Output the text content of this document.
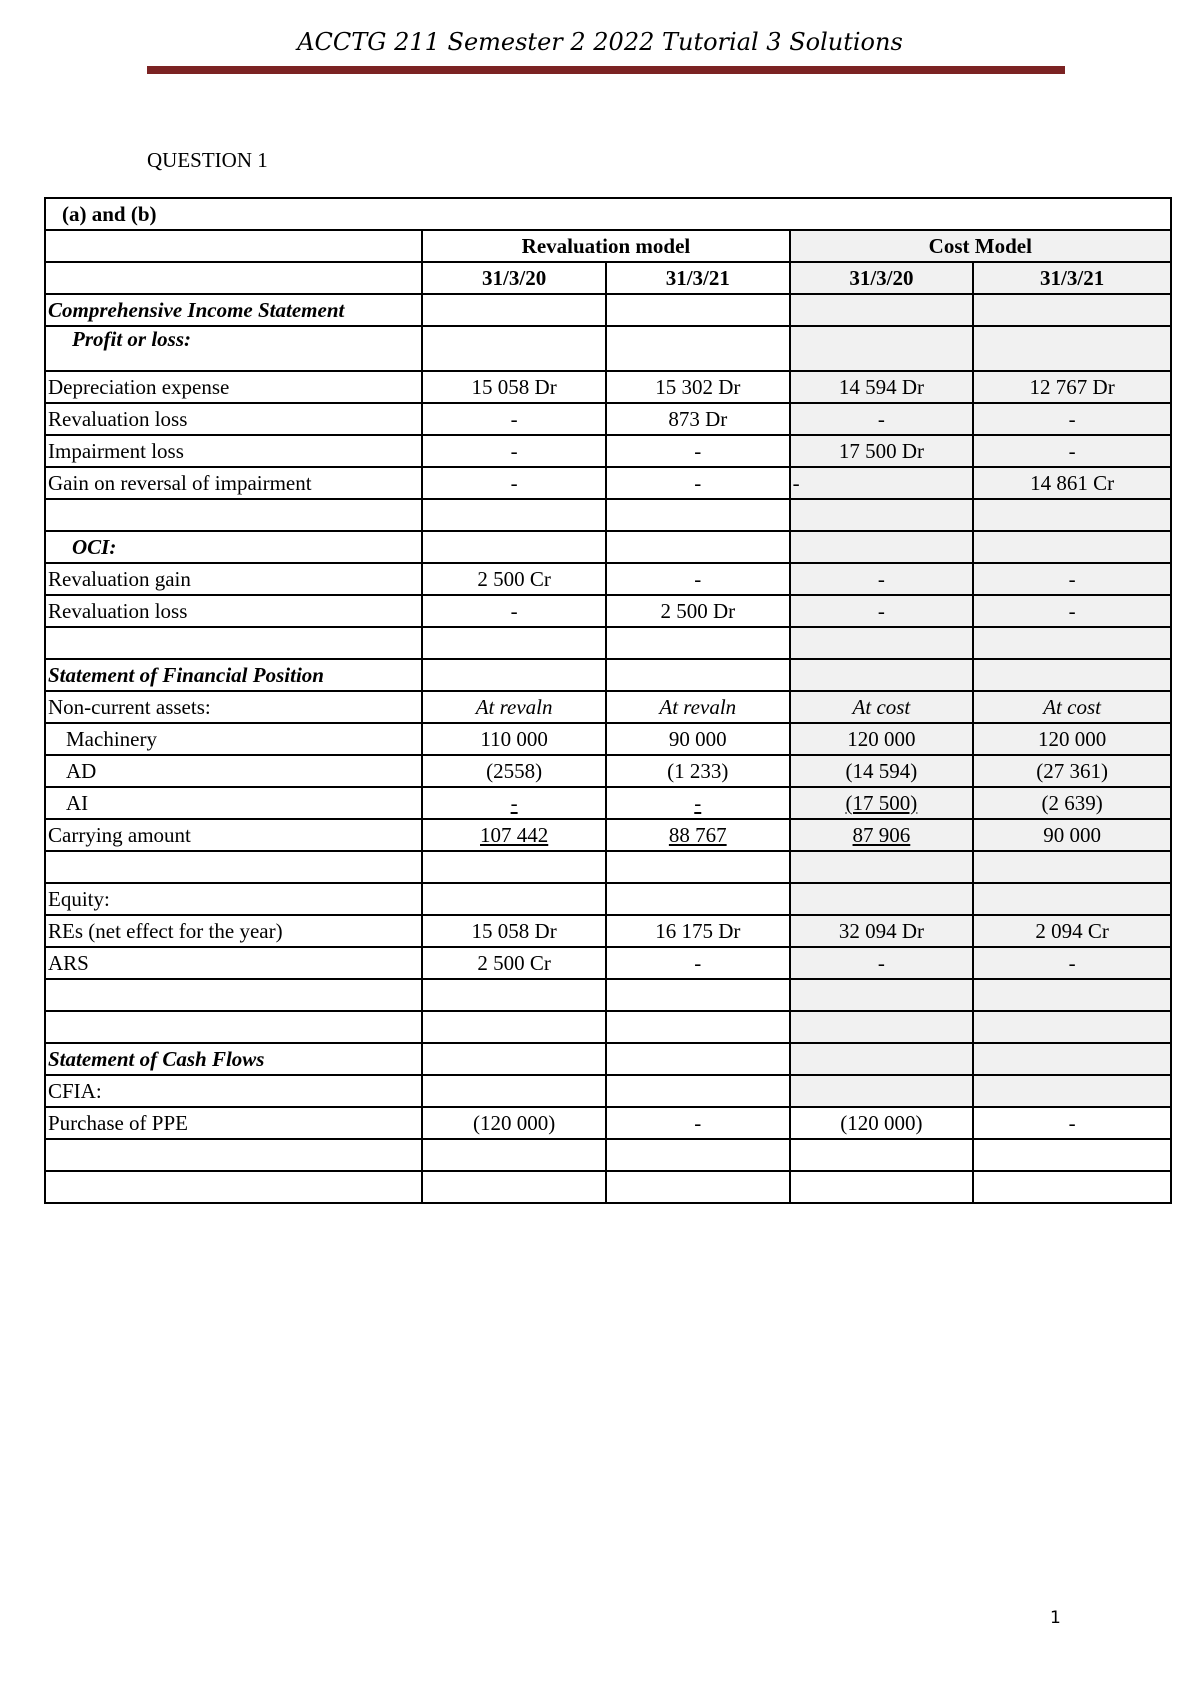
ACCTG 211 Semester 2 2022 Tutorial 3 Solutions
QUESTION 1
(a) and (b)				
	Revaluation model		Cost Model	
	31/3/20	31/3/21	31/3/20	31/3/21
Comprehensive Income Statement				
Profit or loss:				
Depreciation expense	15 058 Dr	15 302 Dr	14 594 Dr	12 767 Dr
Revaluation loss	-	873 Dr	-	-
Impairment loss	-	-	17 500 Dr	-
Gain on reversal of impairment	-	-	-	14 861 Cr

OCI:				
Revaluation gain	2 500 Cr	-	-	-
Revaluation loss	-	2 500 Dr	-	-

Statement of Financial Position				
Non-current assets:	At revaln	At revaln	At cost	At cost
Machinery	110 000	90 000	120 000	120 000
AD	(2558)	(1 233)	(14 594)	(27 361)
AI	-	-	(17 500)	(2 639)
Carrying amount	107 442	88 767	87 906	90 000

Equity:				
REs (net effect for the year)	15 058 Dr	16 175 Dr	32 094 Dr	2 094 Cr
ARS	2 500 Cr	-	-	-

Statement of Cash Flows				
CFIA:				
Purchase of PPE	(120 000)	-	(120 000)	-

1
